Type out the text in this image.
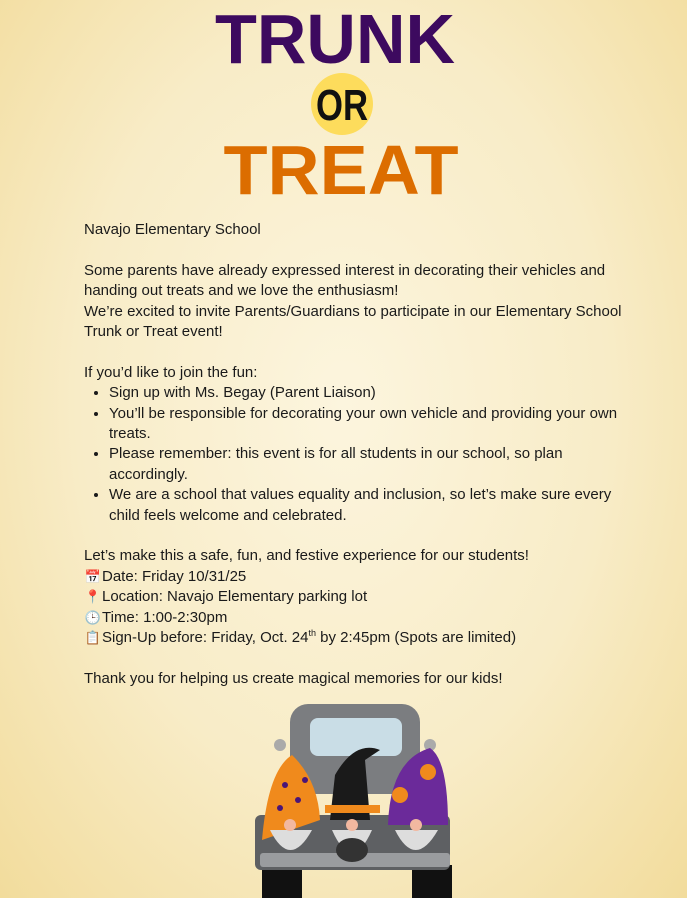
TRUNK
OR
TREAT

Navajo Elementary School

Some parents have already expressed interest in decorating their vehicles and handing out treats and we love the enthusiasm!

We’re excited to invite Parents/Guardians to participate in our Elementary School Trunk or Treat event!

If you’d like to join the fun:

• Sign up with Ms. Begay (Parent Liaison)
• You’ll be responsible for decorating your own vehicle and providing your own treats.
• Please remember: this event is for all students in our school, so plan accordingly.
• We are a school that values equality and inclusion, so let’s make sure every child feels welcome and celebrated.

Let’s make this a safe, fun, and festive experience for our students!

📅Date: Friday 10/31/25

📍Location: Navajo Elementary parking lot

🕒Time: 1:00-2:30pm

📋Sign-Up before: Friday, Oct. 24th by 2:45pm (Spots are limited)

Thank you for helping us create magical memories for our kids!
